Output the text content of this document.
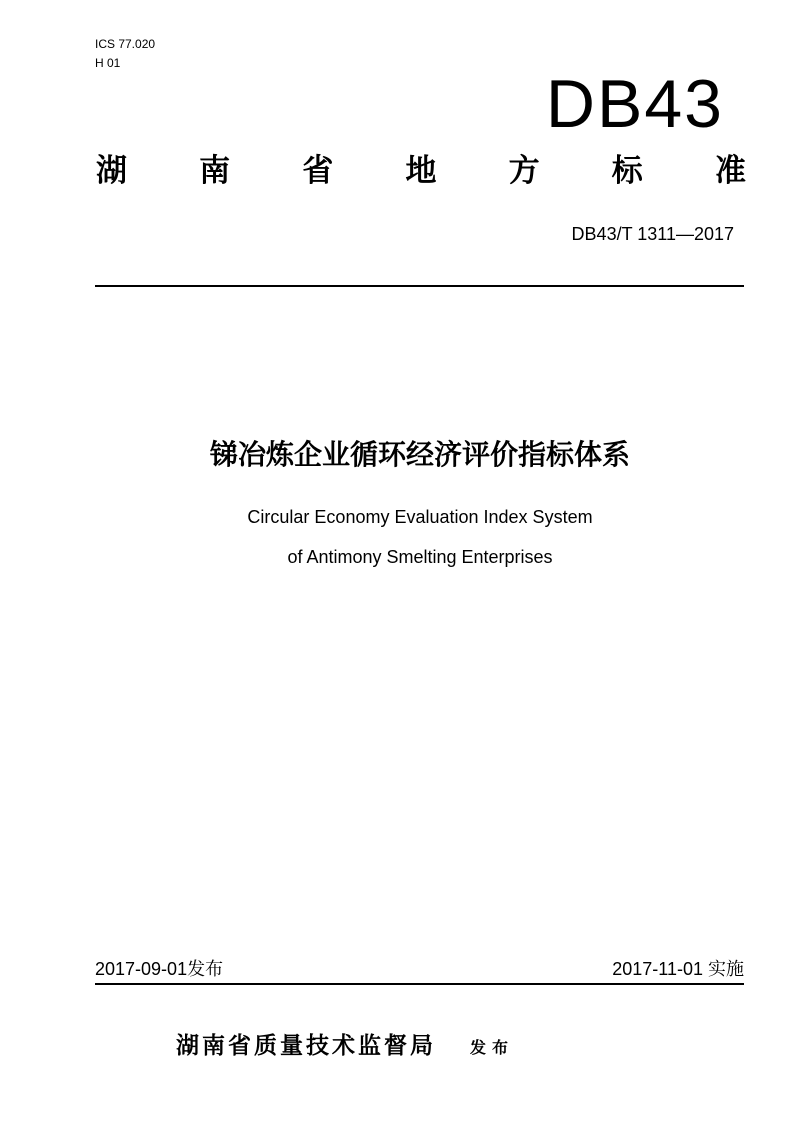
ICS 77.020
H 01
DB43
湖 南 省 地 方 标 准
DB43/T 1311—2017
锑冶炼企业循环经济评价指标体系
Circular Economy Evaluation Index System
of Antimony Smelting Enterprises
2017-09-01发布	2017-11-01 实施
湖南省质量技术监督局 发布
